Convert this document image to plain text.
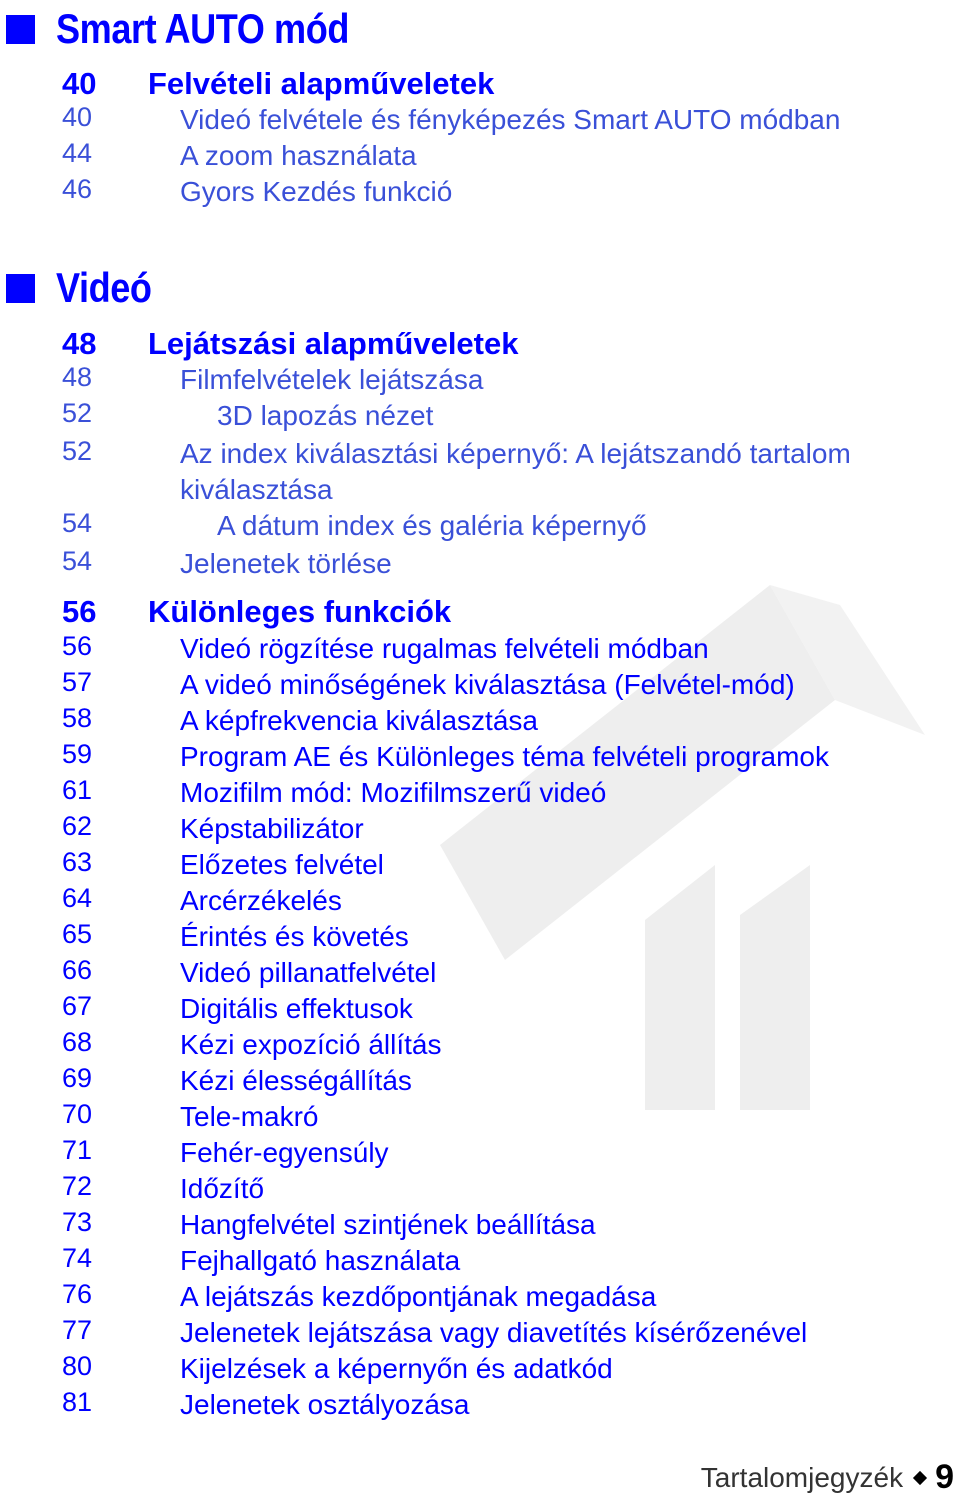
Smart AUTO mód
40 Felvételi alapműveletek
40	Videó felvétele és fényképezés Smart AUTO módban
44	A zoom használata
46	Gyors Kezdés funkció
Videó
48 Lejátszási alapműveletek
48	Filmfelvételek lejátszása
52	3D lapozás nézet
52	Az index kiválasztási képernyő: A lejátszandó tartalom
kiválasztása
54	A dátum index és galéria képernyő
54	Jelenetek törlése
56 Különleges funkciók
56	Videó rögzítése rugalmas felvételi módban
57	A videó minőségének kiválasztása (Felvétel-mód)
58	A képfrekvencia kiválasztása
59	Program AE és Különleges téma felvételi programok
61	Mozifilm mód: Mozifilmszerű videó
62	Képstabilizátor
63	Előzetes felvétel
64	Arcérzékelés
65	Érintés és követés
66	Videó pillanatfelvétel
67	Digitális effektusok
68	Kézi expozíció állítás
69	Kézi élességállítás
70	Tele-makró
71	Fehér-egyensúly
72	Időzítő
73	Hangfelvétel szintjének beállítása
74	Fejhallgató használata
76	A lejátszás kezdőpontjának megadása
77	Jelenetek lejátszása vagy diavetítés kísérőzenével
80	Kijelzések a képernyőn és adatkód
81	Jelenetek osztályozása
Tartalomjegyzék 9
